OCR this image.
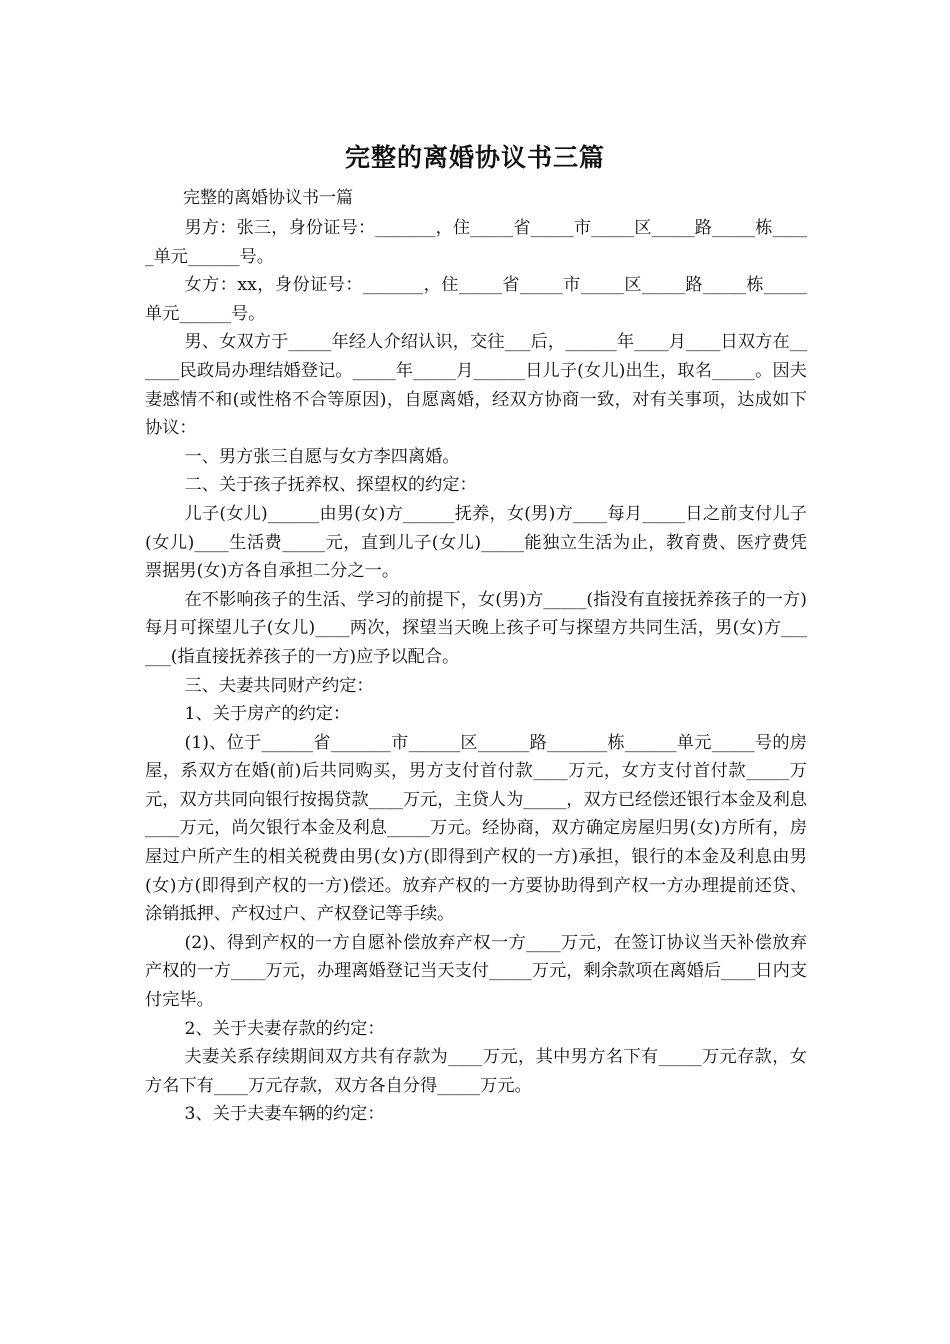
完整的离婚协议书三篇

完整的离婚协议书一篇

男方：张三，身份证号：_______，住_____省_____市_____区_____路_____栋_____单元______号。

女方：xx，身份证号：_______，住_____省_____市_____区_____路_____栋_____单元______号。

男、女双方于_____年经人介绍认识，交往___后，______年____月____日双方在______民政局办理结婚登记。_____年_____月______日儿子(女儿)出生，取名_____。因夫妻感情不和(或性格不合等原因)，自愿离婚，经双方协商一致，对有关事项，达成如下协议：

一、男方张三自愿与女方李四离婚。

二、关于孩子抚养权、探望权的约定：

儿子(女儿)______由男(女)方______抚养，女(男)方____每月_____日之前支付儿子(女儿)____生活费_____元，直到儿子(女儿)_____能独立生活为止，教育费、医疗费凭票据男(女)方各自承担二分之一。

在不影响孩子的生活、学习的前提下，女(男)方_____(指没有直接抚养孩子的一方)每月可探望儿子(女儿)____两次，探望当天晚上孩子可与探望方共同生活，男(女)方______(指直接抚养孩子的一方)应予以配合。

三、夫妻共同财产约定：

1、关于房产的约定：

(1)、位于______省_______市______区______路_______栋______单元_____号的房屋，系双方在婚(前)后共同购买，男方支付首付款____万元，女方支付首付款_____万元，双方共同向银行按揭贷款____万元，主贷人为_____，双方已经偿还银行本金及利息____万元，尚欠银行本金及利息_____万元。经协商，双方确定房屋归男(女)方所有，房屋过户所产生的相关税费由男(女)方(即得到产权的一方)承担，银行的本金及利息由男(女)方(即得到产权的一方)偿还。放弃产权的一方要协助得到产权一方办理提前还贷、涂销抵押、产权过户、产权登记等手续。

(2)、得到产权的一方自愿补偿放弃产权一方____万元，在签订协议当天补偿放弃产权的一方____万元，办理离婚登记当天支付_____万元，剩余款项在离婚后____日内支付完毕。

2、关于夫妻存款的约定：

夫妻关系存续期间双方共有存款为____万元，其中男方名下有_____万元存款，女方名下有____万元存款，双方各自分得_____万元。

3、关于夫妻车辆的约定：
